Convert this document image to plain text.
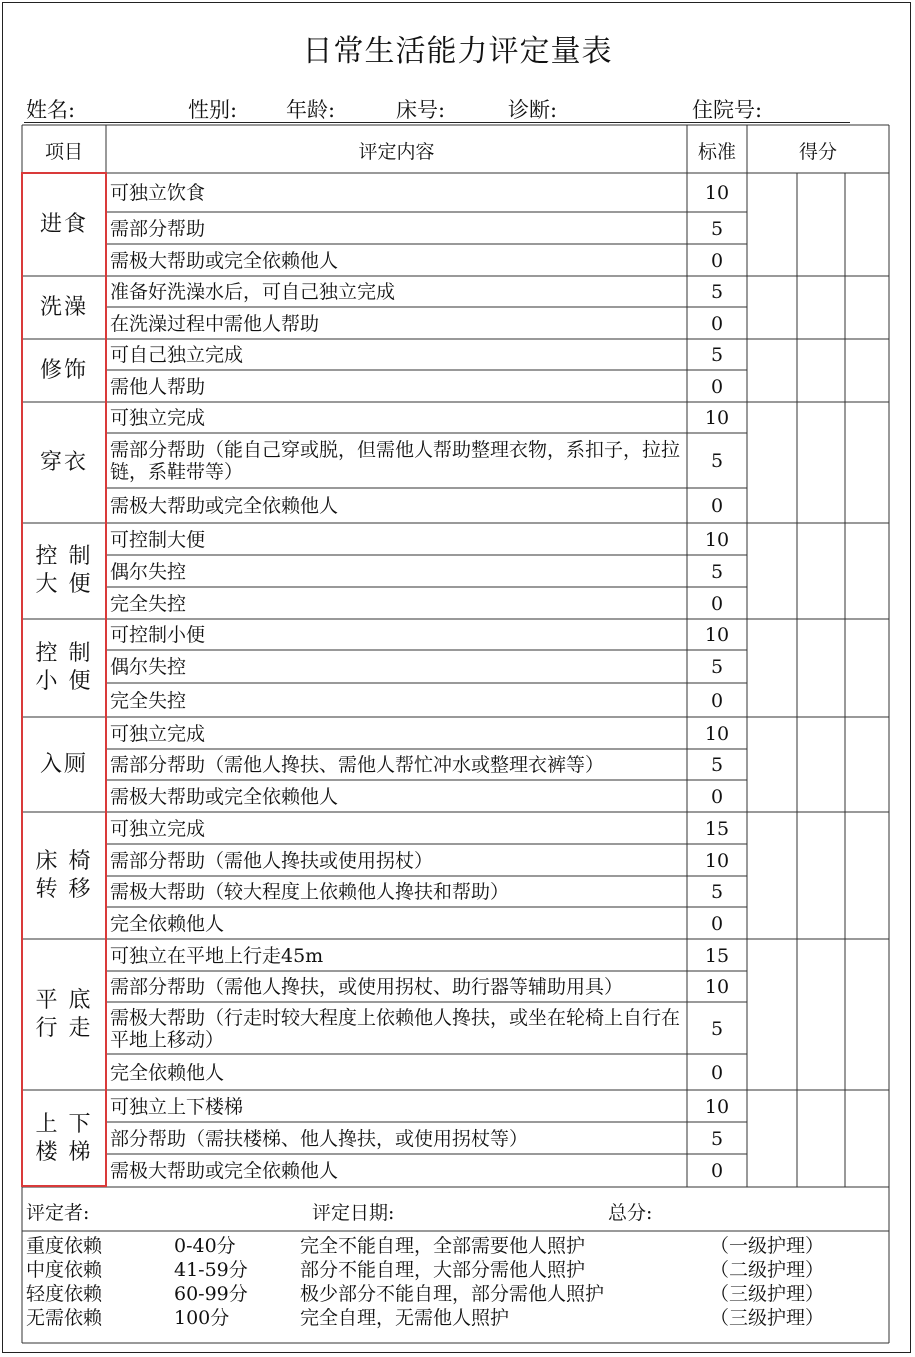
日常生活能力评定量表
姓名:	性别: 年龄:	床号:	诊断:	住院号:
项目	评定内容	标准	得分
进食
可独立饮食	10
需部分帮助	5
需极大帮助或完全依赖他人	0
洗澡
准备好洗澡水后，可自己独立完成	5
在洗澡过程中需他人帮助	0
修饰
可自己独立完成	5
需他人帮助	0
穿衣
可独立完成	10
需部分帮助（能自己穿或脱，但需他人帮助整理衣物，系扣子，拉拉链，系鞋带等）	5
需极大帮助或完全依赖他人	0
控 制
大 便
可控制大便	10
偶尔失控	5
完全失控	0
控 制
小 便
可控制小便	10
偶尔失控	5
完全失控	0
入厕
可独立完成	10
需部分帮助（需他人搀扶、需他人帮忙冲水或整理衣裤等）	5
需极大帮助或完全依赖他人	0
床 椅
转 移
可独立完成	15
需部分帮助（需他人搀扶或使用拐杖）	10
需极大帮助（较大程度上依赖他人搀扶和帮助）	5
完全依赖他人	0
平 底
行 走
可独立在平地上行走45m	15
需部分帮助（需他人搀扶，或使用拐杖、助行器等辅助用具）	10
需极大帮助（行走时较大程度上依赖他人搀扶，或坐在轮椅上自行在平地上移动）	5
完全依赖他人	0
上 下
楼 梯
可独立上下楼梯	10
部分帮助（需扶楼梯、他人搀扶，或使用拐杖等）	5
需极大帮助或完全依赖他人	0
评定者:	评定日期:	总分:
重度依赖	0-40分	完全不能自理，全部需要他人照护	（一级护理）
中度依赖	41-59分	部分不能自理，大部分需他人照护	（二级护理）
轻度依赖	60-99分	极少部分不能自理，部分需他人照护	（三级护理）
无需依赖	100分	完全自理，无需他人照护	（三级护理）
